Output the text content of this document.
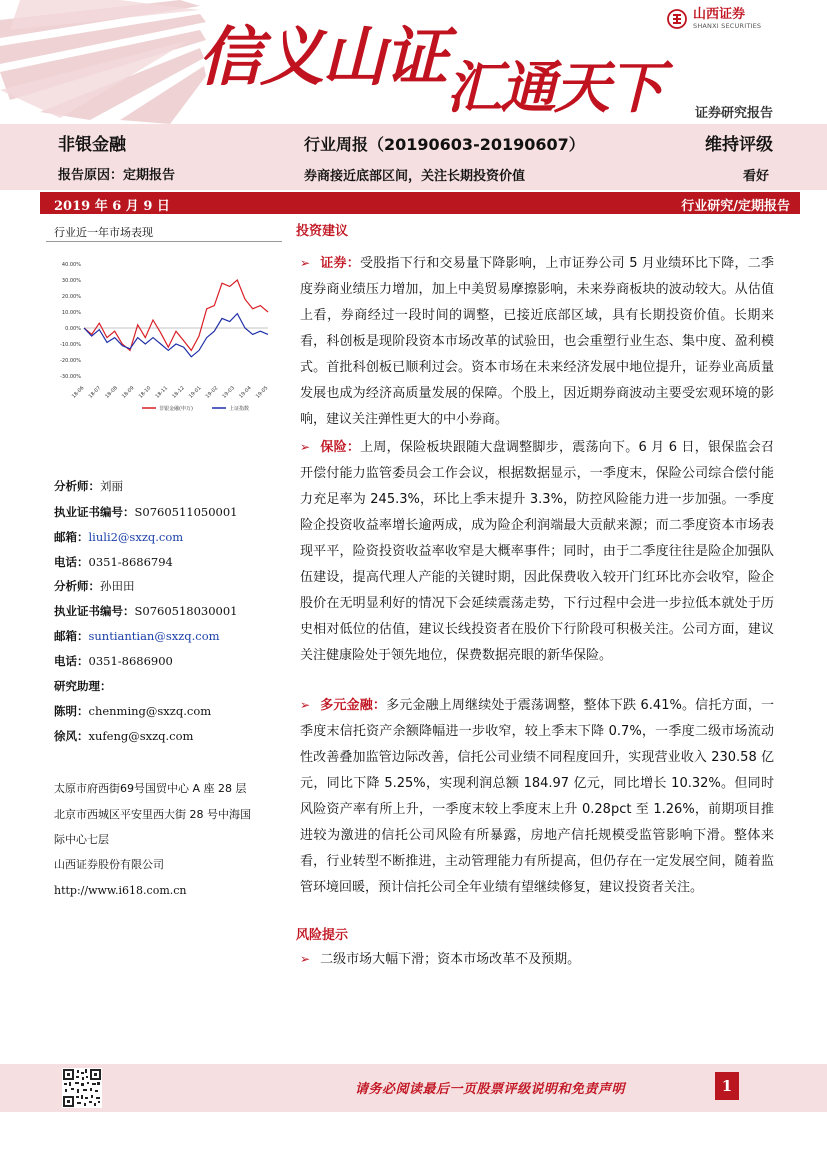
信义山证汇通天下
山西证券
SHANXI SECURITIES
证券研究报告
非银金融
报告原因：定期报告
行业周报（20190603-20190607）
券商接近底部区间，关注长期投资价值
维持评级
看好
2019 年 6 月 9 日	行业研究/定期报告
行业近一年市场表现
40.00%
30.00%
20.00%
10.00%
0.00%
-10.00%
-20.00%
-30.00%
18-06 18-07 18-08 18-09 18-10 18-11 18-12 19-01 19-02 19-03 19-04 19-05
非银金融(申万)	上证指数
分析师：刘丽
执业证书编号：S0760511050001
邮箱：liuli2@sxzq.com
电话：0351-8686794
分析师：孙田田
执业证书编号：S0760518030001
邮箱：suntiantian@sxzq.com
电话：0351-8686900
研究助理：
陈明：chenming@sxzq.com
徐风：xufeng@sxzq.com
太原市府西街69号国贸中心 A 座 28 层
北京市西城区平安里西大街 28 号中海国
际中心七层
山西证券股份有限公司
http://www.i618.com.cn
投资建议
➢ 证券：受股指下行和交易量下降影响，上市证券公司 5 月业绩环比下降，二季度券商业绩压力增加，加上中美贸易摩擦影响，未来券商板块的波动较大。从估值上看，券商经过一段时间的调整，已接近底部区域，具有长期投资价值。长期来看，科创板是现阶段资本市场改革的试验田，也会重塑行业生态、集中度、盈利模式。首批科创板已顺利过会。资本市场在未来经济发展中地位提升，证券业高质量发展也成为经济高质量发展的保障。个股上，因近期券商波动主要受宏观环境的影响，建议关注弹性更大的中小券商。
➢ 保险：上周，保险板块跟随大盘调整脚步，震荡向下。6 月 6 日，银保监会召开偿付能力监管委员会工作会议，根据数据显示，一季度末，保险公司综合偿付能力充足率为 245.3%，环比上季末提升 3.3%，防控风险能力进一步加强。一季度险企投资收益率增长逾两成，成为险企利润端最大贡献来源；而二季度资本市场表现平平，险资投资收益率收窄是大概率事件；同时，由于二季度往往是险企加强队伍建设，提高代理人产能的关键时期，因此保费收入较开门红环比亦会收窄，险企股价在无明显利好的情况下会延续震荡走势，下行过程中会进一步拉低本就处于历史相对低位的估值，建议长线投资者在股价下行阶段可积极关注。公司方面，建议关注健康险处于领先地位，保费数据亮眼的新华保险。
➢ 多元金融：多元金融上周继续处于震荡调整，整体下跌 6.41%。信托方面，一季度末信托资产余额降幅进一步收窄，较上季末下降 0.7%，一季度二级市场流动性改善叠加监管边际改善，信托公司业绩不同程度回升，实现营业收入 230.58 亿元，同比下降 5.25%，实现利润总额 184.97 亿元，同比增长 10.32%。但同时风险资产率有所上升，一季度末较上季度末上升 0.28pct 至 1.26%，前期项目推进较为激进的信托公司风险有所暴露，房地产信托规模受监管影响下滑。整体来看，行业转型不断推进，主动管理能力有所提高，但仍存在一定发展空间，随着监管环境回暖，预计信托公司全年业绩有望继续修复，建议投资者关注。
风险提示
➢ 二级市场大幅下滑；资本市场改革不及预期。
请务必阅读最后一页股票评级说明和免责声明	1
